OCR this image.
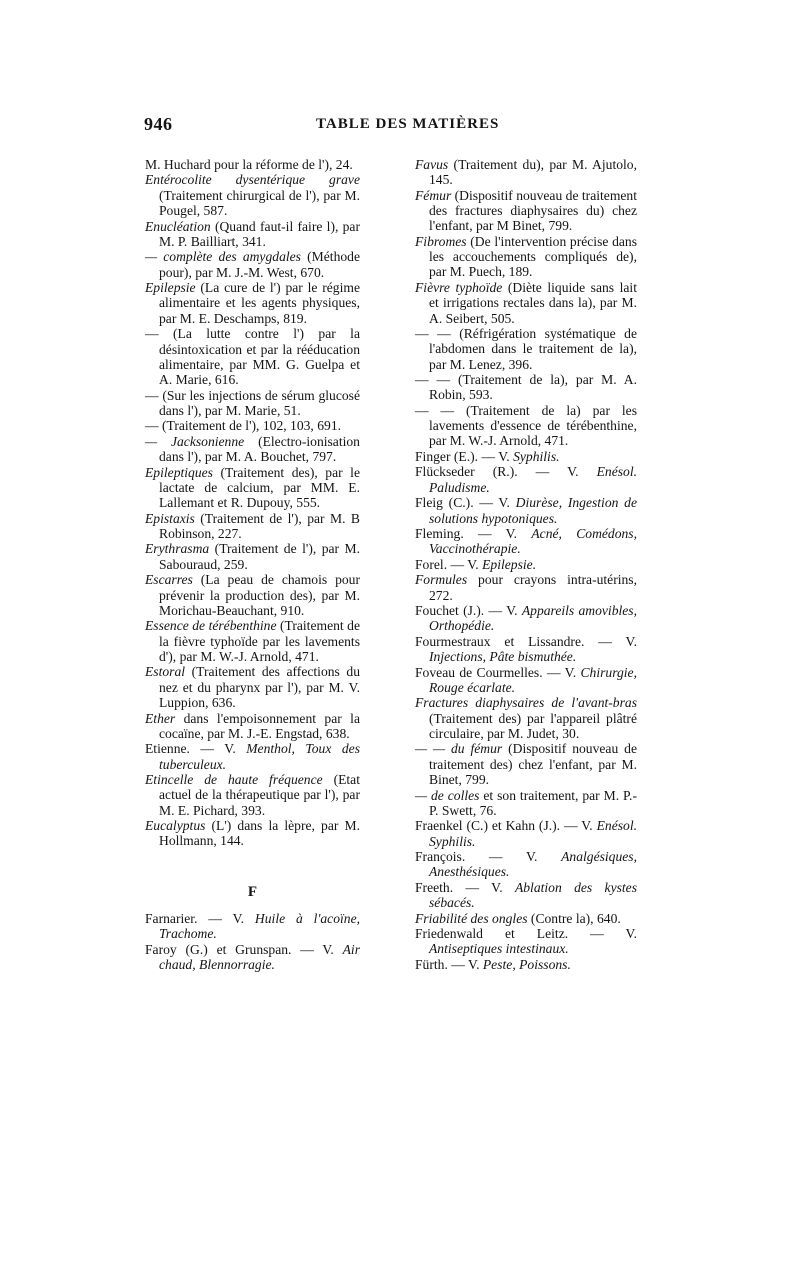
946	TABLE DES MATIÈRES

M. Huchard pour la réforme de l'), 24.

Entérocolite dysentérique grave (Traitement chirurgical de l'), par M. Pougel, 587.

Enucléation (Quand faut-il faire l), par M. P. Bailliart, 341.

— complète des amygdales (Méthode pour), par M. J.-M. West, 670.

Epilepsie (La cure de l') par le régime alimentaire et les agents physiques, par M. E. Deschamps, 819.

— (La lutte contre l') par la désintoxication et par la rééducation alimentaire, par MM. G. Guelpa et A. Marie, 616.

— (Sur les injections de sérum glucosé dans l'), par M. Marie, 51.

— (Traitement de l'), 102, 103, 691.

— Jacksonienne (Electro-ionisation dans l'), par M. A. Bouchet, 797.

Epileptiques (Traitement des), par le lactate de calcium, par MM. E. Lallemant et R. Dupouy, 555.

Epistaxis (Traitement de l'), par M. B Robinson, 227.

Erythrasma (Traitement de l'), par M. Sabouraud, 259.

Escarres (La peau de chamois pour prévenir la production des), par M. Morichau-Beauchant, 910.

Essence de térébenthine (Traitement de la fièvre typhoïde par les lavements d'), par M. W.-J. Arnold, 471.

Estoral (Traitement des affections du nez et du pharynx par l'), par M. V. Luppion, 636.

Ether dans l'empoisonnement par la cocaïne, par M. J.-E. Engstad, 638.

Etienne. — V. Menthol, Toux des tuberculeux.

Etincelle de haute fréquence (Etat actuel de la thérapeutique par l'), par M. E. Pichard, 393.

Eucalyptus (L') dans la lèpre, par M. Hollmann, 144.

F

Farnarier. — V. Huile à l'acoïne, Trachome.

Faroy (G.) et Grunspan. — V. Air chaud, Blennorragie.

Favus (Traitement du), par M. Ajutolo, 145.

Fémur (Dispositif nouveau de traitement des fractures diaphysaires du) chez l'enfant, par M Binet, 799.

Fibromes (De l'intervention précise dans les accouchements compliqués de), par M. Puech, 189.

Fièvre typhoïde (Diète liquide sans lait et irrigations rectales dans la), par M. A. Seibert, 505.

— — (Réfrigération systématique de l'abdomen dans le traitement de la), par M. Lenez, 396.

— — (Traitement de la), par M. A. Robin, 593.

— — (Traitement de la) par les lavements d'essence de térébenthine, par M. W.-J. Arnold, 471.

Finger (E.). — V. Syphilis.

Flückseder (R.). — V. Enésol. Paludisme.

Fleig (C.). — V. Diurèse, Ingestion de solutions hypotoniques.

Fleming. — V. Acné, Comédons, Vaccinothérapie.

Forel. — V. Epilepsie.

Formules pour crayons intra-utérins, 272.

Fouchet (J.). — V. Appareils amovibles, Orthopédie.

Fourmestraux et Lissandre. — V. Injections, Pâte bismuthée.

Foveau de Courmelles. — V. Chirurgie, Rouge écarlate.

Fractures diaphysaires de l'avant-bras (Traitement des) par l'appareil plâtré circulaire, par M. Judet, 30.

— — du fémur (Dispositif nouveau de traitement des) chez l'enfant, par M. Binet, 799.

— de colles et son traitement, par M. P.-P. Swett, 76.

Fraenkel (C.) et Kahn (J.). — V. Enésol. Syphilis.

François. — V. Analgésiques, Anesthésiques.

Freeth. — V. Ablation des kystes sébacés.

Friabilité des ongles (Contre la), 640.

Friedenwald et Leitz. — V. Antiseptiques intestinaux.

Fürth. — V. Peste, Poissons.
